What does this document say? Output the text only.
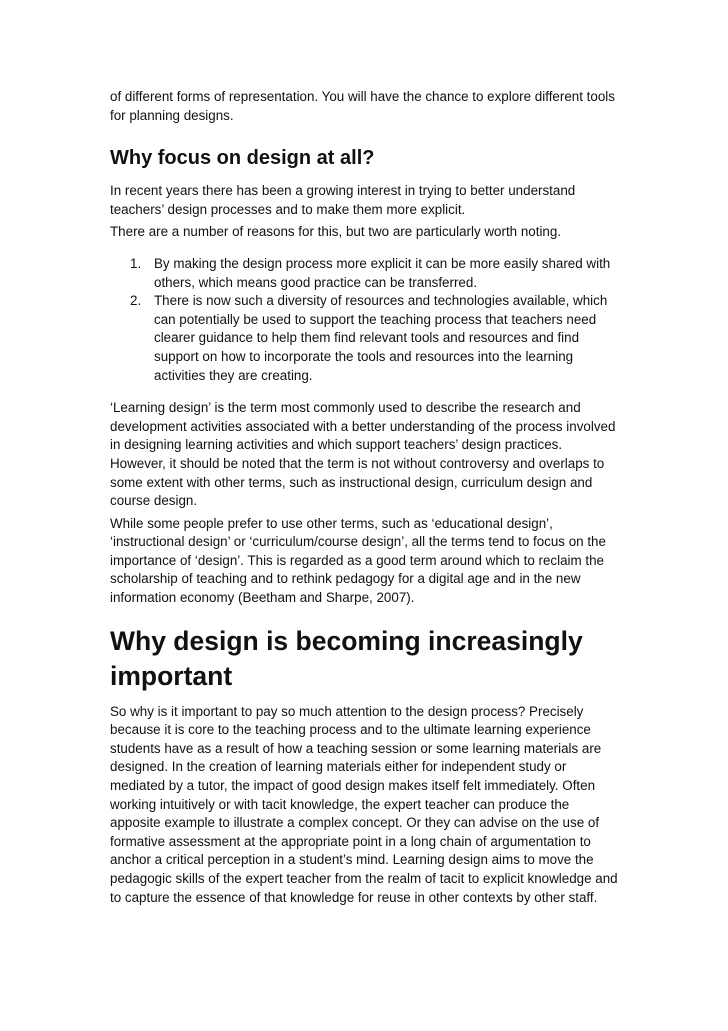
of different forms of representation. You will have the chance to explore different tools for planning designs.

Why focus on design at all?

In recent years there has been a growing interest in trying to better understand teachers’ design processes and to make them more explicit.

There are a number of reasons for this, but two are particularly worth noting.

1. By making the design process more explicit it can be more easily shared with others, which means good practice can be transferred.
2. There is now such a diversity of resources and technologies available, which can potentially be used to support the teaching process that teachers need clearer guidance to help them find relevant tools and resources and find support on how to incorporate the tools and resources into the learning activities they are creating.

‘Learning design’ is the term most commonly used to describe the research and development activities associated with a better understanding of the process involved in designing learning activities and which support teachers’ design practices. However, it should be noted that the term is not without controversy and overlaps to some extent with other terms, such as instructional design, curriculum design and course design.

While some people prefer to use other terms, such as ‘educational design’, ‘instructional design’ or ‘curriculum/course design’, all the terms tend to focus on the importance of ‘design’. This is regarded as a good term around which to reclaim the scholarship of teaching and to rethink pedagogy for a digital age and in the new information economy (Beetham and Sharpe, 2007).

Why design is becoming increasingly important

So why is it important to pay so much attention to the design process? Precisely because it is core to the teaching process and to the ultimate learning experience students have as a result of how a teaching session or some learning materials are designed. In the creation of learning materials either for independent study or mediated by a tutor, the impact of good design makes itself felt immediately. Often working intuitively or with tacit knowledge, the expert teacher can produce the apposite example to illustrate a complex concept. Or they can advise on the use of formative assessment at the appropriate point in a long chain of argumentation to anchor a critical perception in a student’s mind. Learning design aims to move the pedagogic skills of the expert teacher from the realm of tacit to explicit knowledge and to capture the essence of that knowledge for reuse in other contexts by other staff.
